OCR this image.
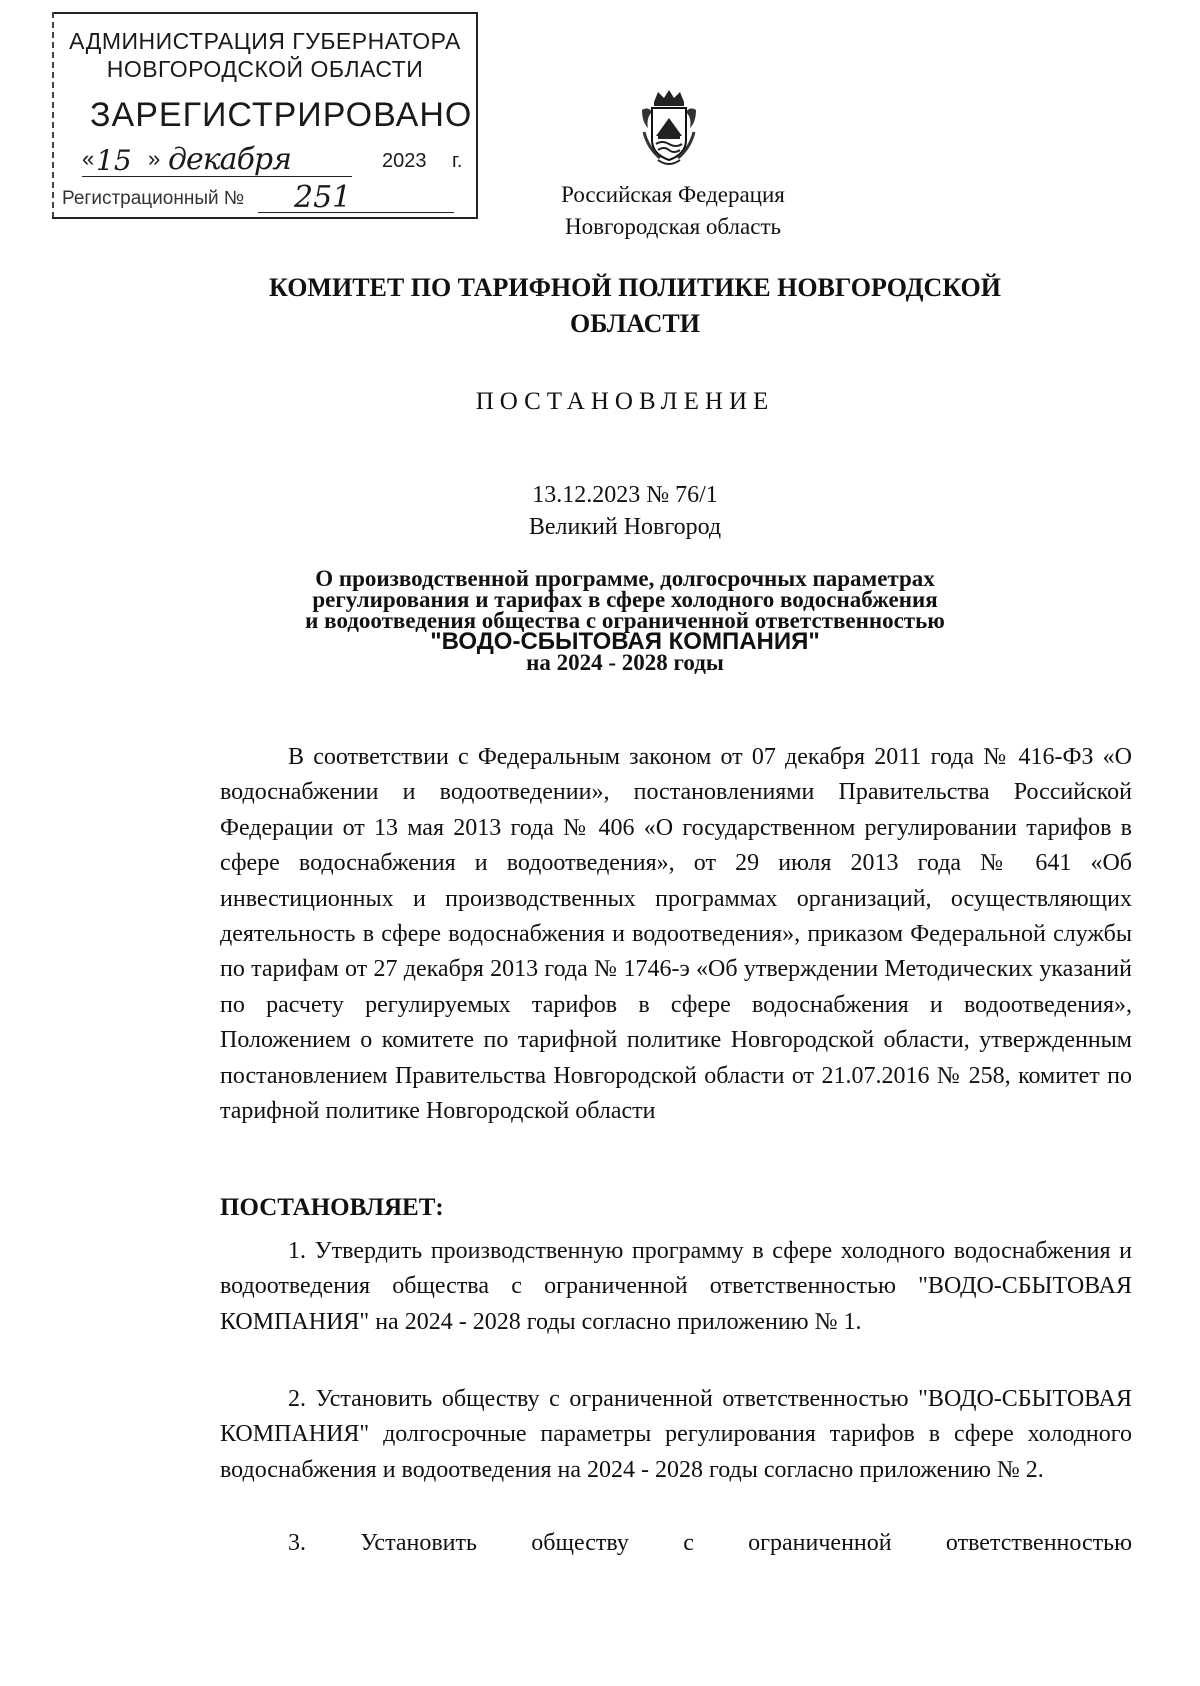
АДМИНИСТРАЦИЯ ГУБЕРНАТОРА
НОВГОРОДСКОЙ ОБЛАСТИ
ЗАРЕГИСТРИРОВАНО
« 15 » декабря	2023 г.
Регистрационный № 251	Российская Федерация
Новгородская область
КОМИТЕТ ПО ТАРИФНОЙ ПОЛИТИКЕ НОВГОРОДСКОЙ ОБЛАСТИ
ПОСТАНОВЛЕНИЕ
13.12.2023 № 76/1
Великий Новгород
О производственной программе, долгосрочных параметрах
регулирования и тарифах в сфере холодного водоснабжения
и водоотведения общества с ограниченной ответственностью
"ВОДО-СБЫТОВАЯ КОМПАНИЯ"
на 2024 - 2028 годы
В соответствии с Федеральным законом от 07 декабря 2011 года № 416-ФЗ «О водоснабжении и водоотведении», постановлениями Правительства Российской Федерации от 13 мая 2013 года № 406 «О государственном регулировании тарифов в сфере водоснабжения и водоотведения», от 29 июля 2013 года № 641 «Об инвестиционных и производственных программах организаций, осуществляющих деятельность в сфере водоснабжения и водоотведения», приказом Федеральной службы по тарифам от 27 декабря 2013 года № 1746-э «Об утверждении Методических указаний по расчету регулируемых тарифов в сфере водоснабжения и водоотведения», Положением о комитете по тарифной политике Новгородской области, утвержденным постановлением Правительства Новгородской области от 21.07.2016 № 258, комитет по тарифной политике Новгородской области
ПОСТАНОВЛЯЕТ:
1. Утвердить производственную программу в сфере холодного водоснабжения и водоотведения общества с ограниченной ответственностью "ВОДО-СБЫТОВАЯ КОМПАНИЯ" на 2024 - 2028 годы согласно приложению № 1.
2. Установить обществу с ограниченной ответственностью "ВОДО-СБЫТОВАЯ КОМПАНИЯ" долгосрочные параметры регулирования тарифов в сфере холодного водоснабжения и водоотведения на 2024 - 2028 годы согласно приложению № 2.
3. Установить обществу с ограниченной ответственностью
